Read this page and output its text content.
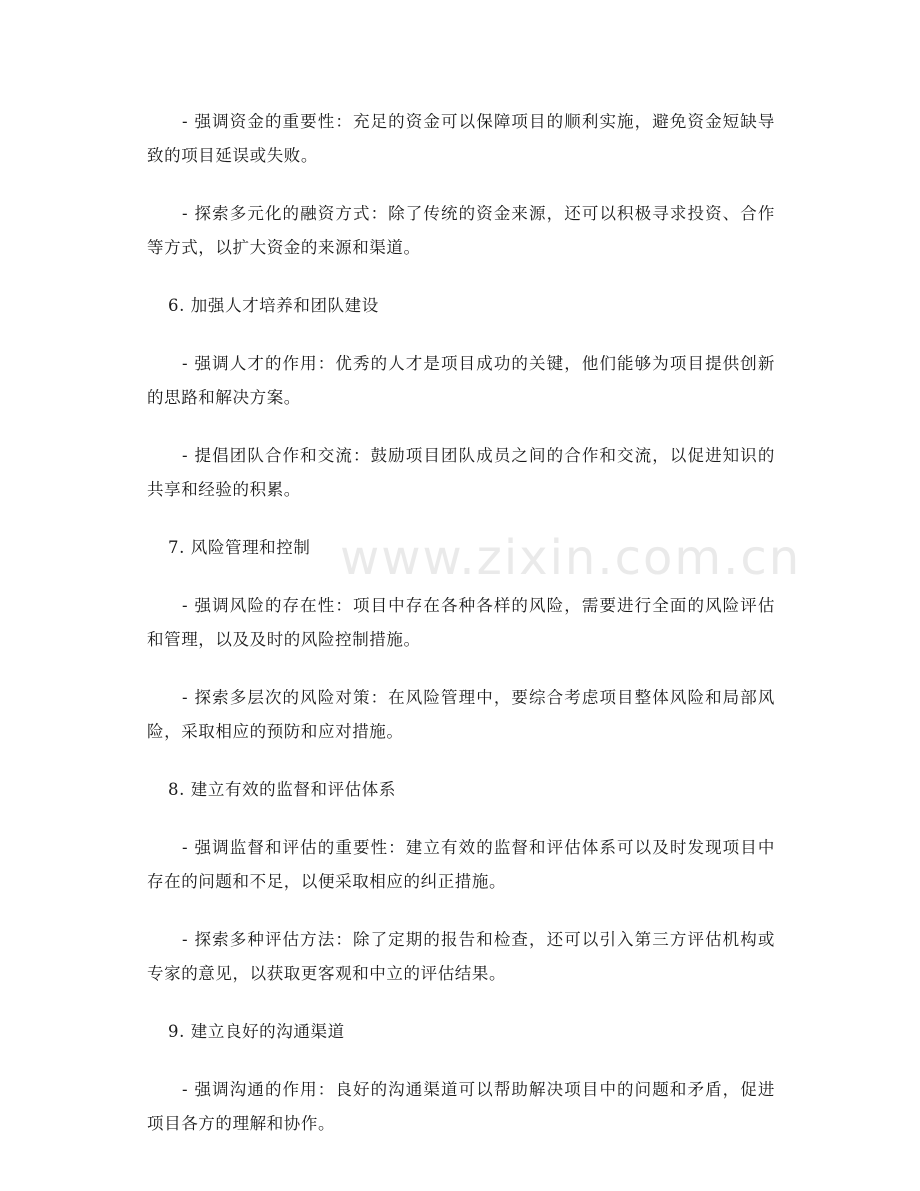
- 强调资金的重要性：充足的资金可以保障项目的顺利实施，避免资金短缺导致的项目延误或失败。

- 探索多元化的融资方式：除了传统的资金来源，还可以积极寻求投资、合作等方式，以扩大资金的来源和渠道。

6. 加强人才培养和团队建设

- 强调人才的作用：优秀的人才是项目成功的关键，他们能够为项目提供创新的思路和解决方案。

- 提倡团队合作和交流：鼓励项目团队成员之间的合作和交流，以促进知识的共享和经验的积累。

7. 风险管理和控制

- 强调风险的存在性：项目中存在各种各样的风险，需要进行全面的风险评估和管理，以及及时的风险控制措施。

- 探索多层次的风险对策：在风险管理中，要综合考虑项目整体风险和局部风险，采取相应的预防和应对措施。

8. 建立有效的监督和评估体系

- 强调监督和评估的重要性：建立有效的监督和评估体系可以及时发现项目中存在的问题和不足，以便采取相应的纠正措施。

- 探索多种评估方法：除了定期的报告和检查，还可以引入第三方评估机构或专家的意见，以获取更客观和中立的评估结果。

9. 建立良好的沟通渠道

- 强调沟通的作用：良好的沟通渠道可以帮助解决项目中的问题和矛盾，促进项目各方的理解和协作。

www.zixin.com.cn
